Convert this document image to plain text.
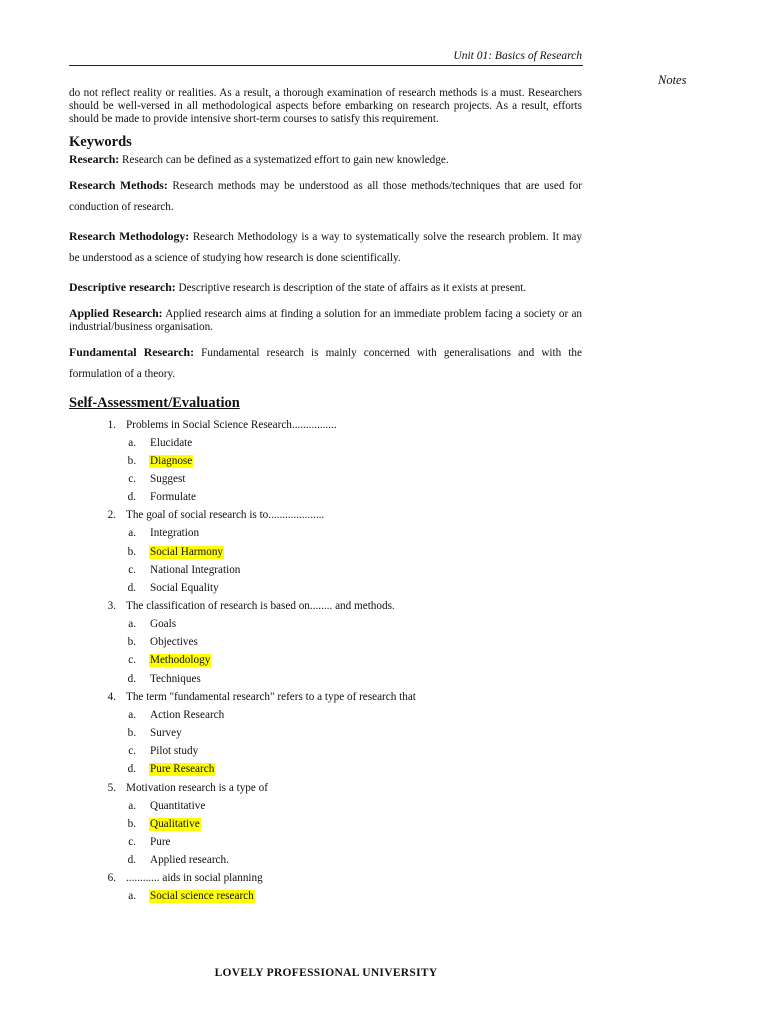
Unit 01: Basics of Research
Notes

do not reflect reality or realities. As a result, a thorough examination of research methods is a must. Researchers should be well-versed in all methodological aspects before embarking on research projects. As a result, efforts should be made to provide intensive short-term courses to satisfy this requirement.

Keywords

Research: Research can be defined as a systematized effort to gain new knowledge.

Research Methods: Research methods may be understood as all those methods/techniques that are used for conduction of research.

Research Methodology: Research Methodology is a way to systematically solve the research problem. It may be understood as a science of studying how research is done scientifically.

Descriptive research: Descriptive research is description of the state of affairs as it exists at present.

Applied Research: Applied research aims at finding a solution for an immediate problem facing a society or an industrial/business organisation.

Fundamental Research: Fundamental research is mainly concerned with generalisations and with the formulation of a theory.

Self-Assessment/Evaluation
1. Problems in Social Science Research................
a.	Elucidate
b.	Diagnose
c.	Suggest
d.	Formulate
2. The goal of social research is to....................
a.	Integration
b.	Social Harmony
c.	National Integration
d.	Social Equality
3. The classification of research is based on........ and methods.
a.	Goals
b.	Objectives
c.	Methodology
d.	Techniques
4. The term "fundamental research" refers to a type of research that
a.	Action Research
b.	Survey
c.	Pilot study
d.	Pure Research
5. Motivation research is a type of
a.	Quantitative
b.	Qualitative
c.	Pure
d.	Applied research.
6. ............ aids in social planning
a.	Social science research
LOVELY PROFESSIONAL UNIVERSITY
